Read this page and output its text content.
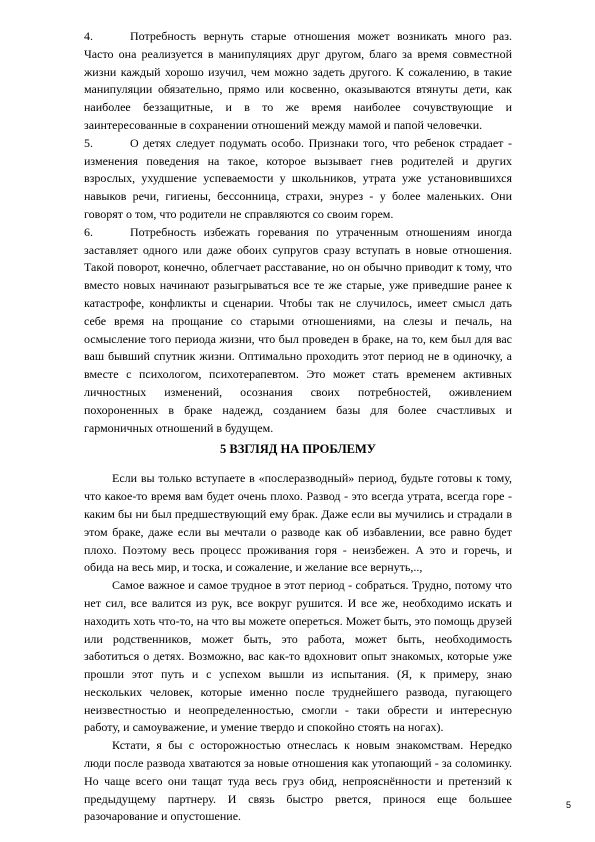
4.	Потребность вернуть старые отношения может возникать много раз. Часто она реализуется в манипуляциях друг другом, благо за время совместной жизни каждый хорошо изучил, чем можно задеть другого. К сожалению, в такие манипуляции обязательно, прямо или косвенно, оказываются втянуты дети, как наиболее беззащитные, и в то же время наиболее сочувствующие и заинтересованные в сохранении отношений между мамой и папой человечки.

5.	О детях следует подумать особо. Признаки того, что ребенок страдает - изменения поведения на такое, которое вызывает гнев родителей и других взрослых, ухудшение успеваемости у школьников, утрата уже установившихся навыков речи, гигиены, бессонница, страхи, энурез - у более маленьких. Они говорят о том, что родители не справляются со своим горем.

6.	Потребность избежать горевания по утраченным отношениям иногда заставляет одного или даже обоих супругов сразу вступать в новые отношения. Такой поворот, конечно, облегчает расставание, но он обычно приводит к тому, что вместо новых начинают разыгрываться все те же старые, уже приведшие ранее к катастрофе, конфликты и сценарии. Чтобы так не случилось, имеет смысл дать себе время на прощание со старыми отношениями, на слезы и печаль, на осмысление того периода жизни, что был проведен в браке, на то, кем был для вас ваш бывший спутник жизни. Оптимально проходить этот период не в одиночку, а вместе с психологом, психотерапевтом. Это может стать временем активных личностных изменений, осознания своих потребностей, оживлением похороненных в браке надежд, созданием базы для более счастливых и гармоничных отношений в будущем.

5 ВЗГЛЯД НА ПРОБЛЕМУ

Если вы только вступаете в «послеразводный» период, будьте готовы к тому, что какое-то время вам будет очень плохо. Развод - это всегда утрата, всегда горе - каким бы ни был предшествующий ему брак. Даже если вы мучились и страдали в этом браке, даже если вы мечтали о разводе как об избавлении, все равно будет плохо. Поэтому весь процесс проживания горя - неизбежен. А это и горечь, и обида на весь мир, и тоска, и сожаление, и желание все вернуть,..,

Самое важное и самое трудное в этот период - собраться. Трудно, потому что нет сил, все валится из рук, все вокруг рушится. И все же, необходимо искать и находить хоть что-то, на что вы можете опереться. Может быть, это помощь друзей или родственников, может быть, это работа, может быть, необходимость заботиться о детях. Возможно, вас как-то вдохновит опыт знакомых, которые уже прошли этот путь и с успехом вышли из испытания. (Я, к примеру, знаю нескольких человек, которые именно после труднейшего развода, пугающего неизвестностью и неопределенностью, смогли - таки обрести и интересную работу, и самоуважение, и умение твердо и спокойно стоять на ногах).

Кстати, я бы с осторожностью отнеслась к новым знакомствам. Нередко люди после развода хватаются за новые отношения как утопающий - за соломинку. Но чаще всего они тащат туда весь груз обид, непрояснённости и претензий к предыдущему партнеру. И связь быстро рвется, принося еще большее разочарование и опустошение.

5
